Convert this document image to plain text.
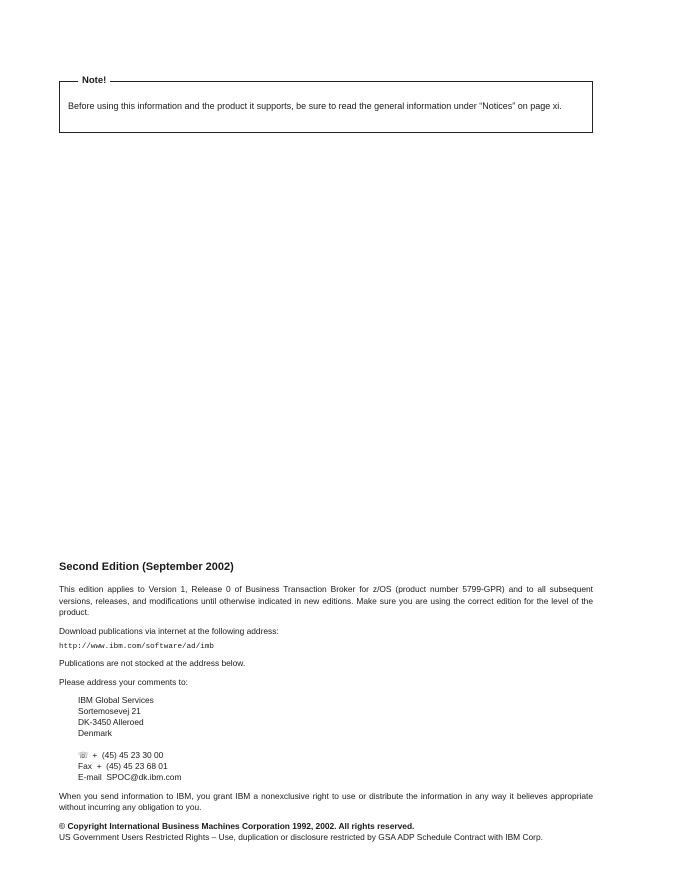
Note!
Before using this information and the product it supports, be sure to read the general information under “Notices” on page xi.
Second Edition (September 2002)

This edition applies to Version 1, Release 0 of Business Transaction Broker for z/OS (product number 5799-GPR) and to all subsequent versions, releases, and modifications until otherwise indicated in new editions. Make sure you are using the correct edition for the level of the product.

Download publications via internet at the following address:

http://www.ibm.com/software/ad/imb

Publications are not stocked at the address below.

Please address your comments to:

IBM Global Services
Sortemosevej 21
DK-3450 Alleroed
Denmark
☏ +  (45) 45 23 30 00
Fax  +  (45) 45 23 68 01
E-mail  SPOC@dk.ibm.com

When you send information to IBM, you grant IBM a nonexclusive right to use or distribute the information in any way it believes appropriate without incurring any obligation to you.

© Copyright International Business Machines Corporation 1992, 2002. All rights reserved.
US Government Users Restricted Rights – Use, duplication or disclosure restricted by GSA ADP Schedule Contract with IBM Corp.
